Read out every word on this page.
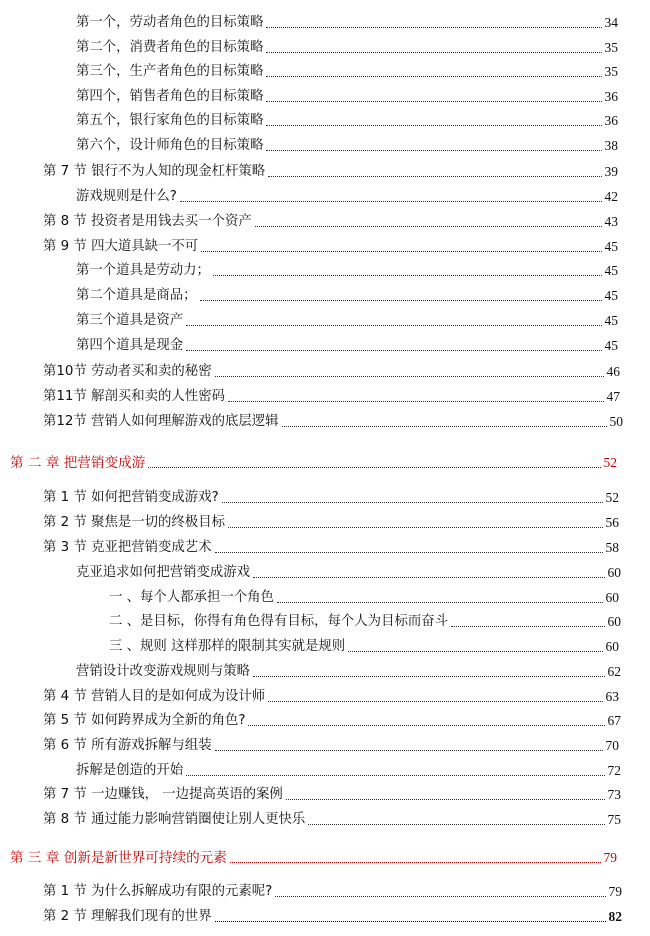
第一个，劳动者角色的目标策略	34
第二个，消费者角色的目标策略	35
第三个，生产者角色的目标策略	35
第四个，销售者角色的目标策略	36
第五个，银行家角色的目标策略	36
第六个，设计师角色的目标策略	38
第 7 节 银行不为人知的现金杠杆策略	39
游戏规则是什么?	42
第 8 节 投资者是用钱去买一个资产	43
第 9 节 四大道具缺一不可	45
第一个道具是劳动力；	45
第二个道具是商品；	45
第三个道具是资产	45
第四个道具是现金	45
第10节 劳动者买和卖的秘密	46
第11节 解剖买和卖的人性密码	47
第12节 营销人如何理解游戏的底层逻辑	50
第 二 章 把营销变成游	52
第 1 节 如何把营销变成游戏?	52
第 2 节 聚焦是一切的终极目标	56
第 3 节 克亚把营销变成艺术	58
克亚追求如何把营销变成游戏	60
一 、每个人都承担一个角色	60
二 、是目标，你得有角色得有目标，每个人为目标而奋斗	60
三 、规则 这样那样的限制其实就是规则	60
营销设计改变游戏规则与策略	62
第 4 节 营销人目的是如何成为设计师	63
第 5 节 如何跨界成为全新的角色?	67
第 6 节 所有游戏拆解与组装	70
拆解是创造的开始	72
第 7 节 一边赚钱， 一边提高英语的案例	73
第 8 节 通过能力影响营销圈使让别人更快乐	75
第 三 章 创新是新世界可持续的元素	79
第 1 节 为什么拆解成功有限的元素呢?	79
第 2 节 理解我们现有的世界	82
